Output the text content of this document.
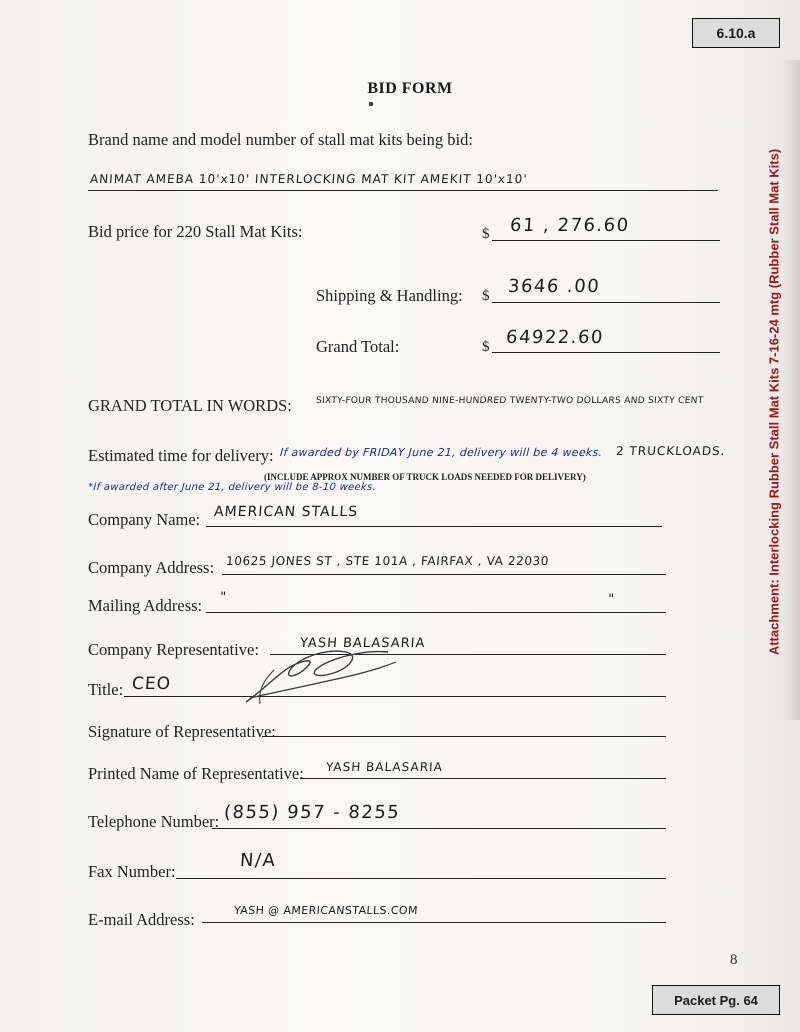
6.10.a
Attachment: Interlocking Rubber Stall Mat Kits 7-16-24 mtg (Rubber Stall Mat Kits)
BID FORM
Brand name and model number of stall mat kits being bid:
ANIMAT AMEBA 10'x10' INTERLOCKING MAT KIT AMEKIT 10'x10'
Bid price for 220 Stall Mat Kits:	$ 61 , 276.60
Shipping & Handling: $ 3646 .00
Grand Total:	$ 64922.60
GRAND TOTAL IN WORDS:	SIXTY-FOUR THOUSAND NINE-HUNDRED TWENTY-TWO DOLLARS AND SIXTY CENT
Estimated time for delivery: If awarded by FRIDAY June 21, delivery will be 4 weeks. 2 TRUCKLOADS.
*If awarded after June 21, delivery will be 8-10 weeks.
(INCLUDE APPROX NUMBER OF TRUCK LOADS NEEDED FOR DELIVERY)
Company Name: AMERICAN STALLS
Company Address: 10625 JONES ST , STE 101A , FAIRFAX , VA 22030
Mailing Address: "	"
Company Representative:	YASH BALASARIA
Title: CEO
Signature of Representative:
Printed Name of Representative: YASH BALASARIA
Telephone Number: (855) 957 - 8255
Fax Number:
N/A
E-mail Address:	YASH @ AMERICANSTALLS.COM
8
Packet Pg. 64
